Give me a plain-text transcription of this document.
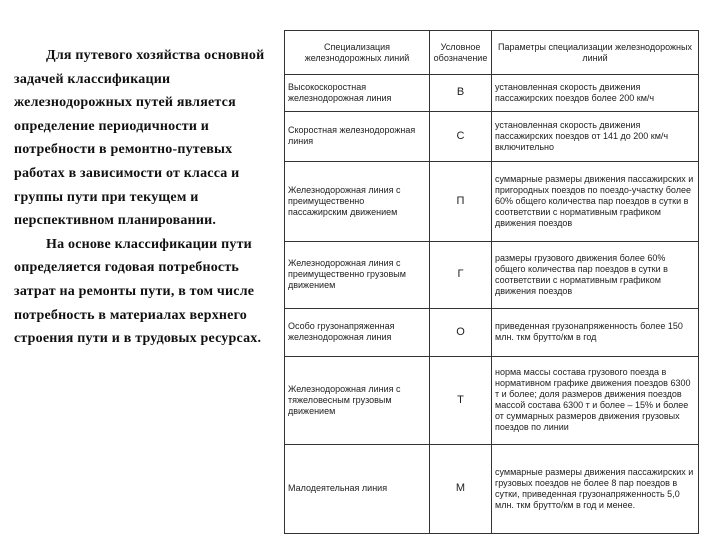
Для путевого хозяйства основной задачей классификации железнодорожных путей является определение периодичности и потребности в ремонтно-путевых работах в зависимости от класса и группы пути при текущем и перспективном планировании.

На основе классификации пути определяется годовая потребность затрат на ремонты пути, в том числе потребность в материалах верхнего строения пути и в трудовых ресурсах.

Специализация железнодорожных линий	Условное обозначение	Параметры специализации железнодорожных линий
Высокоскоростная железнодорожная линия	В	установленная скорость движения пассажирских поездов более 200 км/ч
Скоростная железнодорожная линия	С	установленная скорость движения пассажирских поездов от 141 до 200 км/ч включительно
Железнодорожная линия с преимущественно пассажирским движением	П	суммарные размеры движения пассажирских и пригородных поездов по поездо-участку более 60% общего количества пар поездов в сутки в соответствии с нормативным графиком движения поездов
Железнодорожная линия с преимущественно грузовым движением	Г	размеры грузового движения более 60% общего количества пар поездов в сутки в соответствии с нормативным графиком движения поездов
Особо грузонапряженная железнодорожная линия	О	приведенная грузонапряженность более 150 млн. ткм брутто/км в год
Железнодорожная линия с тяжеловесным грузовым движением	Т	норма массы состава грузового поезда в нормативном графике движения поездов 6300 т и более; доля размеров движения поездов массой состава 6300 т и более – 15% и более от суммарных размеров движения грузовых поездов по линии
Малодеятельная линия	М	суммарные размеры движения пассажирских и грузовых поездов не более 8 пар поездов в сутки, приведенная грузонапряженность 5,0 млн. ткм брутто/км в год и менее.
